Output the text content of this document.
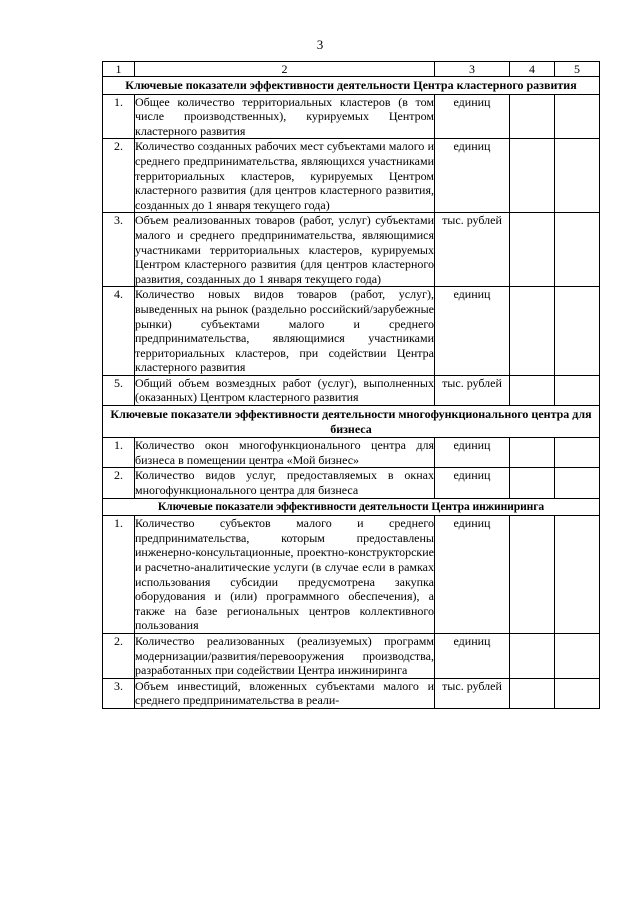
3
1	2	3	4	5
Ключевые показатели эффективности деятельности Центра кластерного развития				
1.	Общее количество территориальных кластеров (в том числе производственных), курируемых Центром кластерного развития	единиц		
2.	Количество созданных рабочих мест субъектами малого и среднего предпринимательства, являющихся участниками территориальных кластеров, курируемых Центром кластерного развития (для центров кластерного развития, созданных до 1 января текущего года)	единиц		
3.	Объем реализованных товаров (работ, услуг) субъектами малого и среднего предпринимательства, являющимися участниками территориальных кластеров, курируемых Центром кластерного развития (для центров кластерного развития, созданных до 1 января текущего года)	тыс. рублей		
4.	Количество новых видов товаров (работ, услуг), выведенных на рынок (раздельно российский/зарубежные рынки) субъектами малого и среднего предпринимательства, являющимися участниками территориальных кластеров, при содействии Центра кластерного развития	единиц		
5.	Общий объем возмездных работ (услуг), выполненных (оказанных) Центром кластерного развития	тыс. рублей		
Ключевые показатели эффективности деятельности многофункционального центра для бизнеса				
1.	Количество окон многофункционального центра для бизнеса в помещении центра «Мой бизнес»	единиц		
2.	Количество видов услуг, предоставляемых в окнах многофункционального центра для бизнеса	единиц		
Ключевые показатели эффективности деятельности Центра инжиниринга				
1.	Количество субъектов малого и среднего предпринимательства, которым предоставлены инженерно-консультационные, проектно-конструкторские и расчетно-аналитические услуги (в случае если в рамках использования субсидии предусмотрена закупка оборудования и (или) программного обеспечения), а также на базе региональных центров коллективного пользования	единиц		
2.	Количество реализованных (реализуемых) программ модернизации/развития/перевооружения производства, разработанных при содействии Центра инжиниринга	единиц		
3.	Объем инвестиций, вложенных субъектами малого и среднего предпринимательства в реали-	тыс. рублей		
